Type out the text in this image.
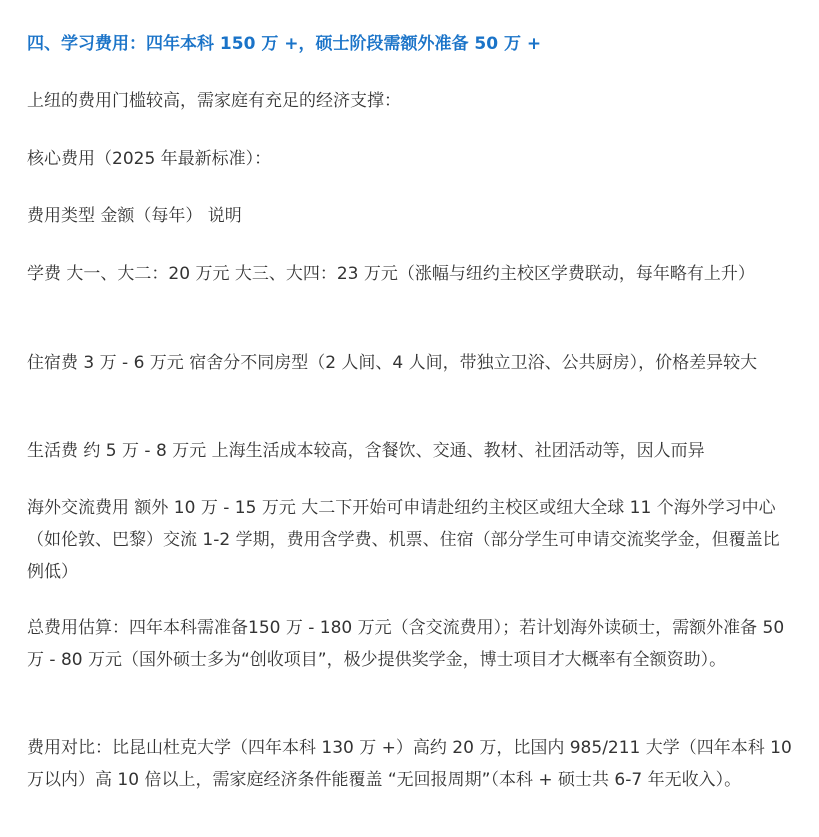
四、学习费用：四年本科 150 万 +，硕士阶段需额外准备 50 万 +

上纽的费用门槛较高，需家庭有充足的经济支撑：

核心费用（2025 年最新标准）：

费用类型 金额（每年） 说明

学费 大一、大二：20 万元 大三、大四：23 万元（涨幅与纽约主校区学费联动，每年略有上升）

住宿费 3 万 - 6 万元 宿舍分不同房型（2 人间、4 人间，带独立卫浴、公共厨房），价格差异较大

生活费 约 5 万 - 8 万元 上海生活成本较高，含餐饮、交通、教材、社团活动等，因人而异

海外交流费用 额外 10 万 - 15 万元 大二下开始可申请赴纽约主校区或纽大全球 11 个海外学习中心（如伦敦、巴黎）交流 1-2 学期，费用含学费、机票、住宿（部分学生可申请交流奖学金，但覆盖比例低）

总费用估算：四年本科需准备150 万 - 180 万元（含交流费用）；若计划海外读硕士，需额外准备 50 万 - 80 万元（国外硕士多为“创收项目”，极少提供奖学金，博士项目才大概率有全额资助）。

费用对比：比昆山杜克大学（四年本科 130 万 +）高约 20 万，比国内 985/211 大学（四年本科 10 万以内）高 10 倍以上，需家庭经济条件能覆盖 “无回报周期”（本科 + 硕士共 6-7 年无收入）。
